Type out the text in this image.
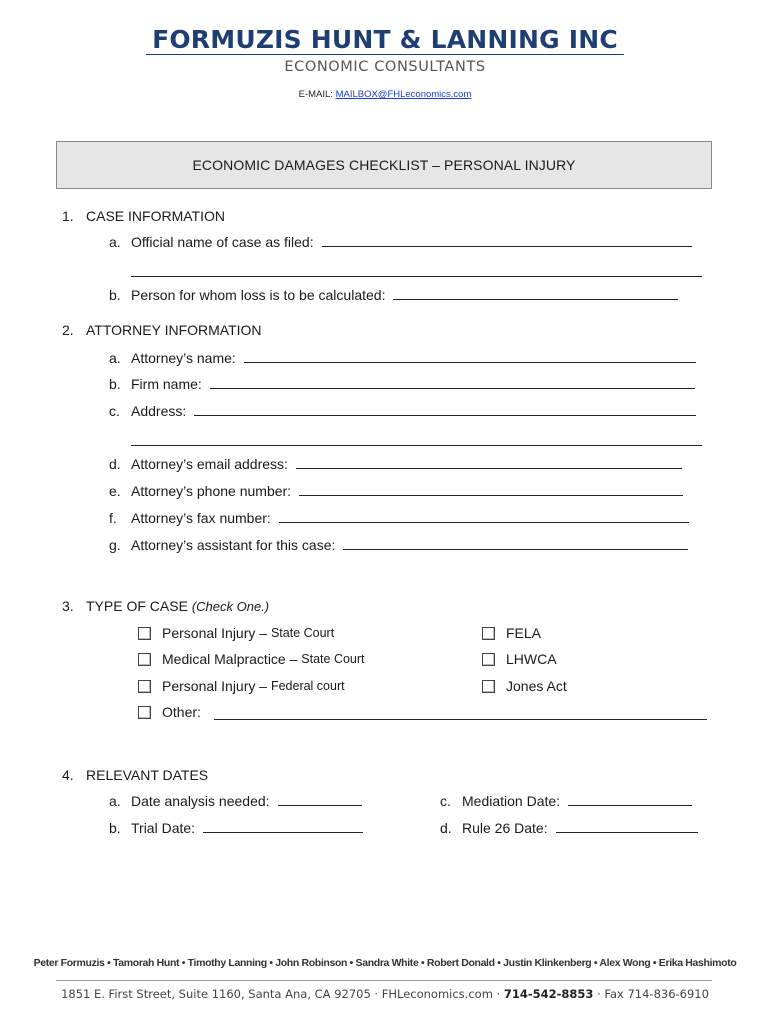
FORMUZIS HUNT & LANNING INC
ECONOMIC CONSULTANTS
E-MAIL: MAILBOX@FHLeconomics.com
ECONOMIC DAMAGES CHECKLIST – PERSONAL INJURY
1. CASE INFORMATION
a. Official name of case as filed:
b. Person for whom loss is to be calculated:
2. ATTORNEY INFORMATION
a. Attorney’s name:
b. Firm name:
c. Address:
d. Attorney’s email address:
e. Attorney’s phone number:
f.	Attorney’s fax number:
g. Attorney’s assistant for this case:
3. TYPE OF CASE (Check One.)
Personal Injury –
State Court
Medical Malpractice –
State Court
Personal Injury –
Federal court
Other:
FELA
LHWCA
Jones Act
4. RELEVANT DATES
a. Date analysis needed:
b. Trial Date:
c. Mediation Date:
d. Rule 26 Date:
Peter Formuzis • Tamorah Hunt • Timothy Lanning • John Robinson • Sandra White • Robert Donald • Justin Klinkenberg • Alex Wong • Erika Hashimoto
1851 E. First Street, Suite 1160, Santa Ana, CA 92705 · FHLeconomics.com · 714-542-8853 · Fax 714-836-6910
